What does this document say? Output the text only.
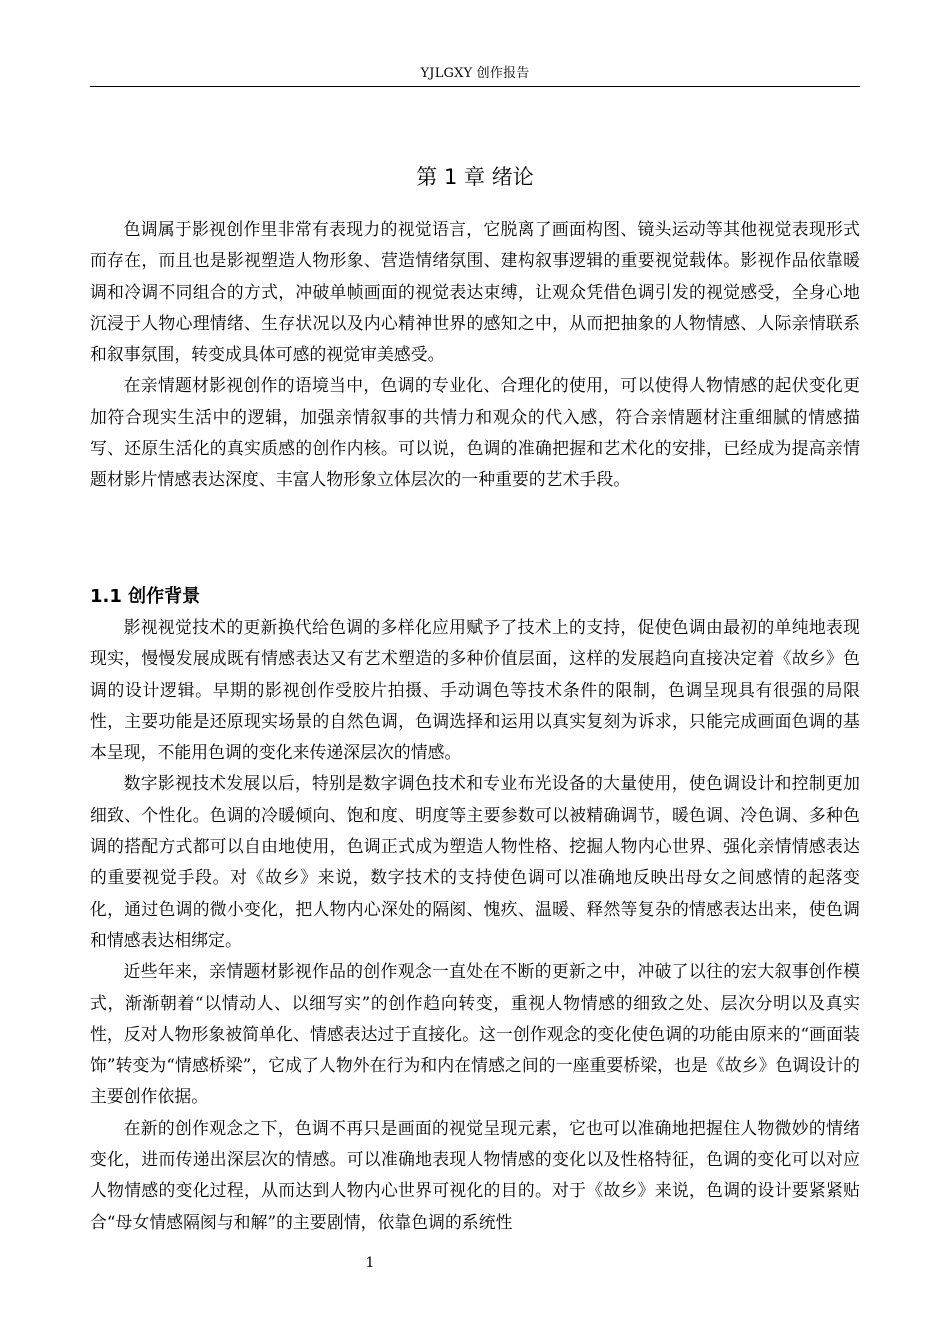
YJLGXY 创作报告
第 1 章 绪论

色调属于影视创作里非常有表现力的视觉语言，它脱离了画面构图、镜头运动等其他视觉表现形式而存在，而且也是影视塑造人物形象、营造情绪氛围、建构叙事逻辑的重要视觉载体。影视作品依靠暖调和冷调不同组合的方式，冲破单帧画面的视觉表达束缚，让观众凭借色调引发的视觉感受，全身心地沉浸于人物心理情绪、生存状况以及内心精神世界的感知之中，从而把抽象的人物情感、人际亲情联系和叙事氛围，转变成具体可感的视觉审美感受。

在亲情题材影视创作的语境当中，色调的专业化、合理化的使用，可以使得人物情感的起伏变化更加符合现实生活中的逻辑，加强亲情叙事的共情力和观众的代入感，符合亲情题材注重细腻的情感描写、还原生活化的真实质感的创作内核。可以说，色调的准确把握和艺术化的安排，已经成为提高亲情题材影片情感表达深度、丰富人物形象立体层次的一种重要的艺术手段。

1.1 创作背景

影视视觉技术的更新换代给色调的多样化应用赋予了技术上的支持，促使色调由最初的单纯地表现现实，慢慢发展成既有情感表达又有艺术塑造的多种价值层面，这样的发展趋向直接决定着《故乡》色调的设计逻辑。早期的影视创作受胶片拍摄、手动调色等技术条件的限制，色调呈现具有很强的局限性，主要功能是还原现实场景的自然色调，色调选择和运用以真实复刻为诉求，只能完成画面色调的基本呈现，不能用色调的变化来传递深层次的情感。

数字影视技术发展以后，特别是数字调色技术和专业布光设备的大量使用，使色调设计和控制更加细致、个性化。色调的冷暖倾向、饱和度、明度等主要参数可以被精确调节，暖色调、冷色调、多种色调的搭配方式都可以自由地使用，色调正式成为塑造人物性格、挖掘人物内心世界、强化亲情情感表达的重要视觉手段。对《故乡》来说，数字技术的支持使色调可以准确地反映出母女之间感情的起落变化，通过色调的微小变化，把人物内心深处的隔阂、愧疚、温暖、释然等复杂的情感表达出来，使色调和情感表达相绑定。

近些年来，亲情题材影视作品的创作观念一直处在不断的更新之中，冲破了以往的宏大叙事创作模式，渐渐朝着“以情动人、以细写实”的创作趋向转变，重视人物情感的细致之处、层次分明以及真实性，反对人物形象被简单化、情感表达过于直接化。这一创作观念的变化使色调的功能由原来的“画面装饰”转变为“情感桥梁”，它成了人物外在行为和内在情感之间的一座重要桥梁，也是《故乡》色调设计的主要创作依据。

在新的创作观念之下，色调不再只是画面的视觉呈现元素，它也可以准确地把握住人物微妙的情绪变化，进而传递出深层次的情感。可以准确地表现人物情感的变化以及性格特征，色调的变化可以对应人物情感的变化过程，从而达到人物内心世界可视化的目的。对于《故乡》来说，色调的设计要紧紧贴合“母女情感隔阂与和解”的主要剧情，依靠色调的系统性

1
